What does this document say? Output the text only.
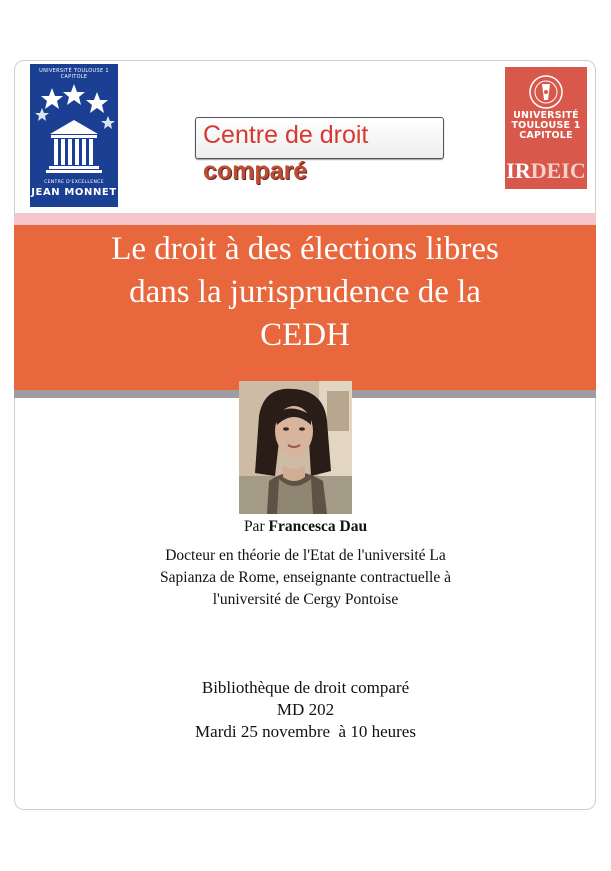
UNIVERSITÉ TOULOUSE 1
CAPITOLE
CENTRE D'EXCELLENCE
JEAN MONNET
Centre de droit
comparé
UNIVERSITÉ
TOULOUSE 1
CAPITOLE
IRDEIC
Le droit à des élections libres
dans la jurisprudence de la
CEDH
Par Francesca Dau
Docteur en théorie de l'Etat de l'université La
Sapianza de Rome, enseignante contractuelle à
l'université de Cergy Pontoise
Bibliothèque de droit comparé
MD 202
Mardi 25 novembre  à 10 heures
